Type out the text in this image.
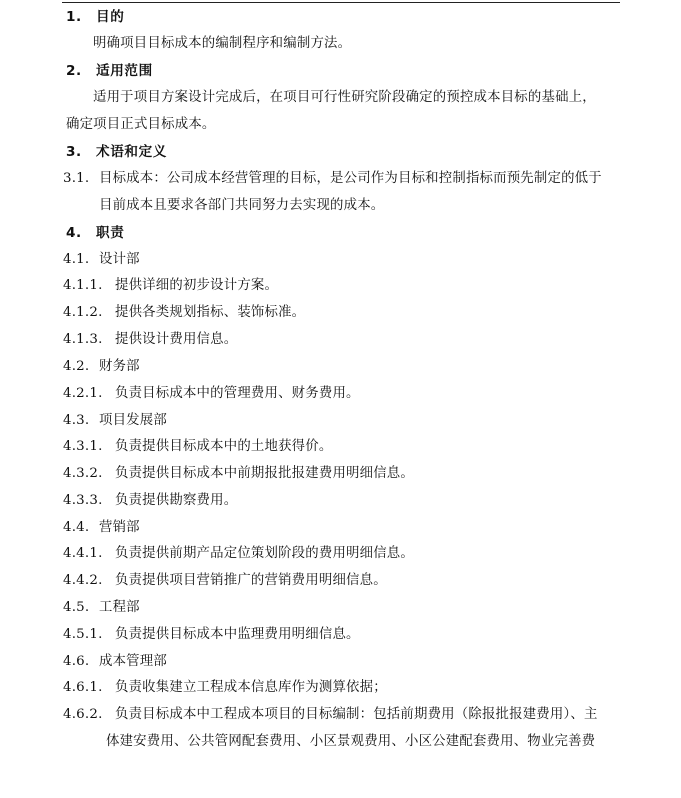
1. 目的
明确项目目标成本的编制程序和编制方法。
2. 适用范围
适用于项目方案设计完成后，在项目可行性研究阶段确定的预控成本目标的基础上，
确定项目正式目标成本。
3. 术语和定义
3.1. 目标成本：公司成本经营管理的目标，是公司作为目标和控制指标而预先制定的低于
目前成本且要求各部门共同努力去实现的成本。
4. 职责
4.1. 设计部
4.1.1. 提供详细的初步设计方案。
4.1.2. 提供各类规划指标、装饰标准。
4.1.3. 提供设计费用信息。
4.2. 财务部
4.2.1. 负责目标成本中的管理费用、财务费用。
4.3. 项目发展部
4.3.1. 负责提供目标成本中的土地获得价。
4.3.2. 负责提供目标成本中前期报批报建费用明细信息。
4.3.3. 负责提供勘察费用。
4.4. 营销部
4.4.1. 负责提供前期产品定位策划阶段的费用明细信息。
4.4.2. 负责提供项目营销推广的营销费用明细信息。
4.5. 工程部
4.5.1. 负责提供目标成本中监理费用明细信息。
4.6. 成本管理部
4.6.1. 负责收集建立工程成本信息库作为测算依据；
4.6.2. 负责目标成本中工程成本项目的目标编制：包括前期费用（除报批报建费用）、主
体建安费用、公共管网配套费用、小区景观费用、小区公建配套费用、物业完善费
